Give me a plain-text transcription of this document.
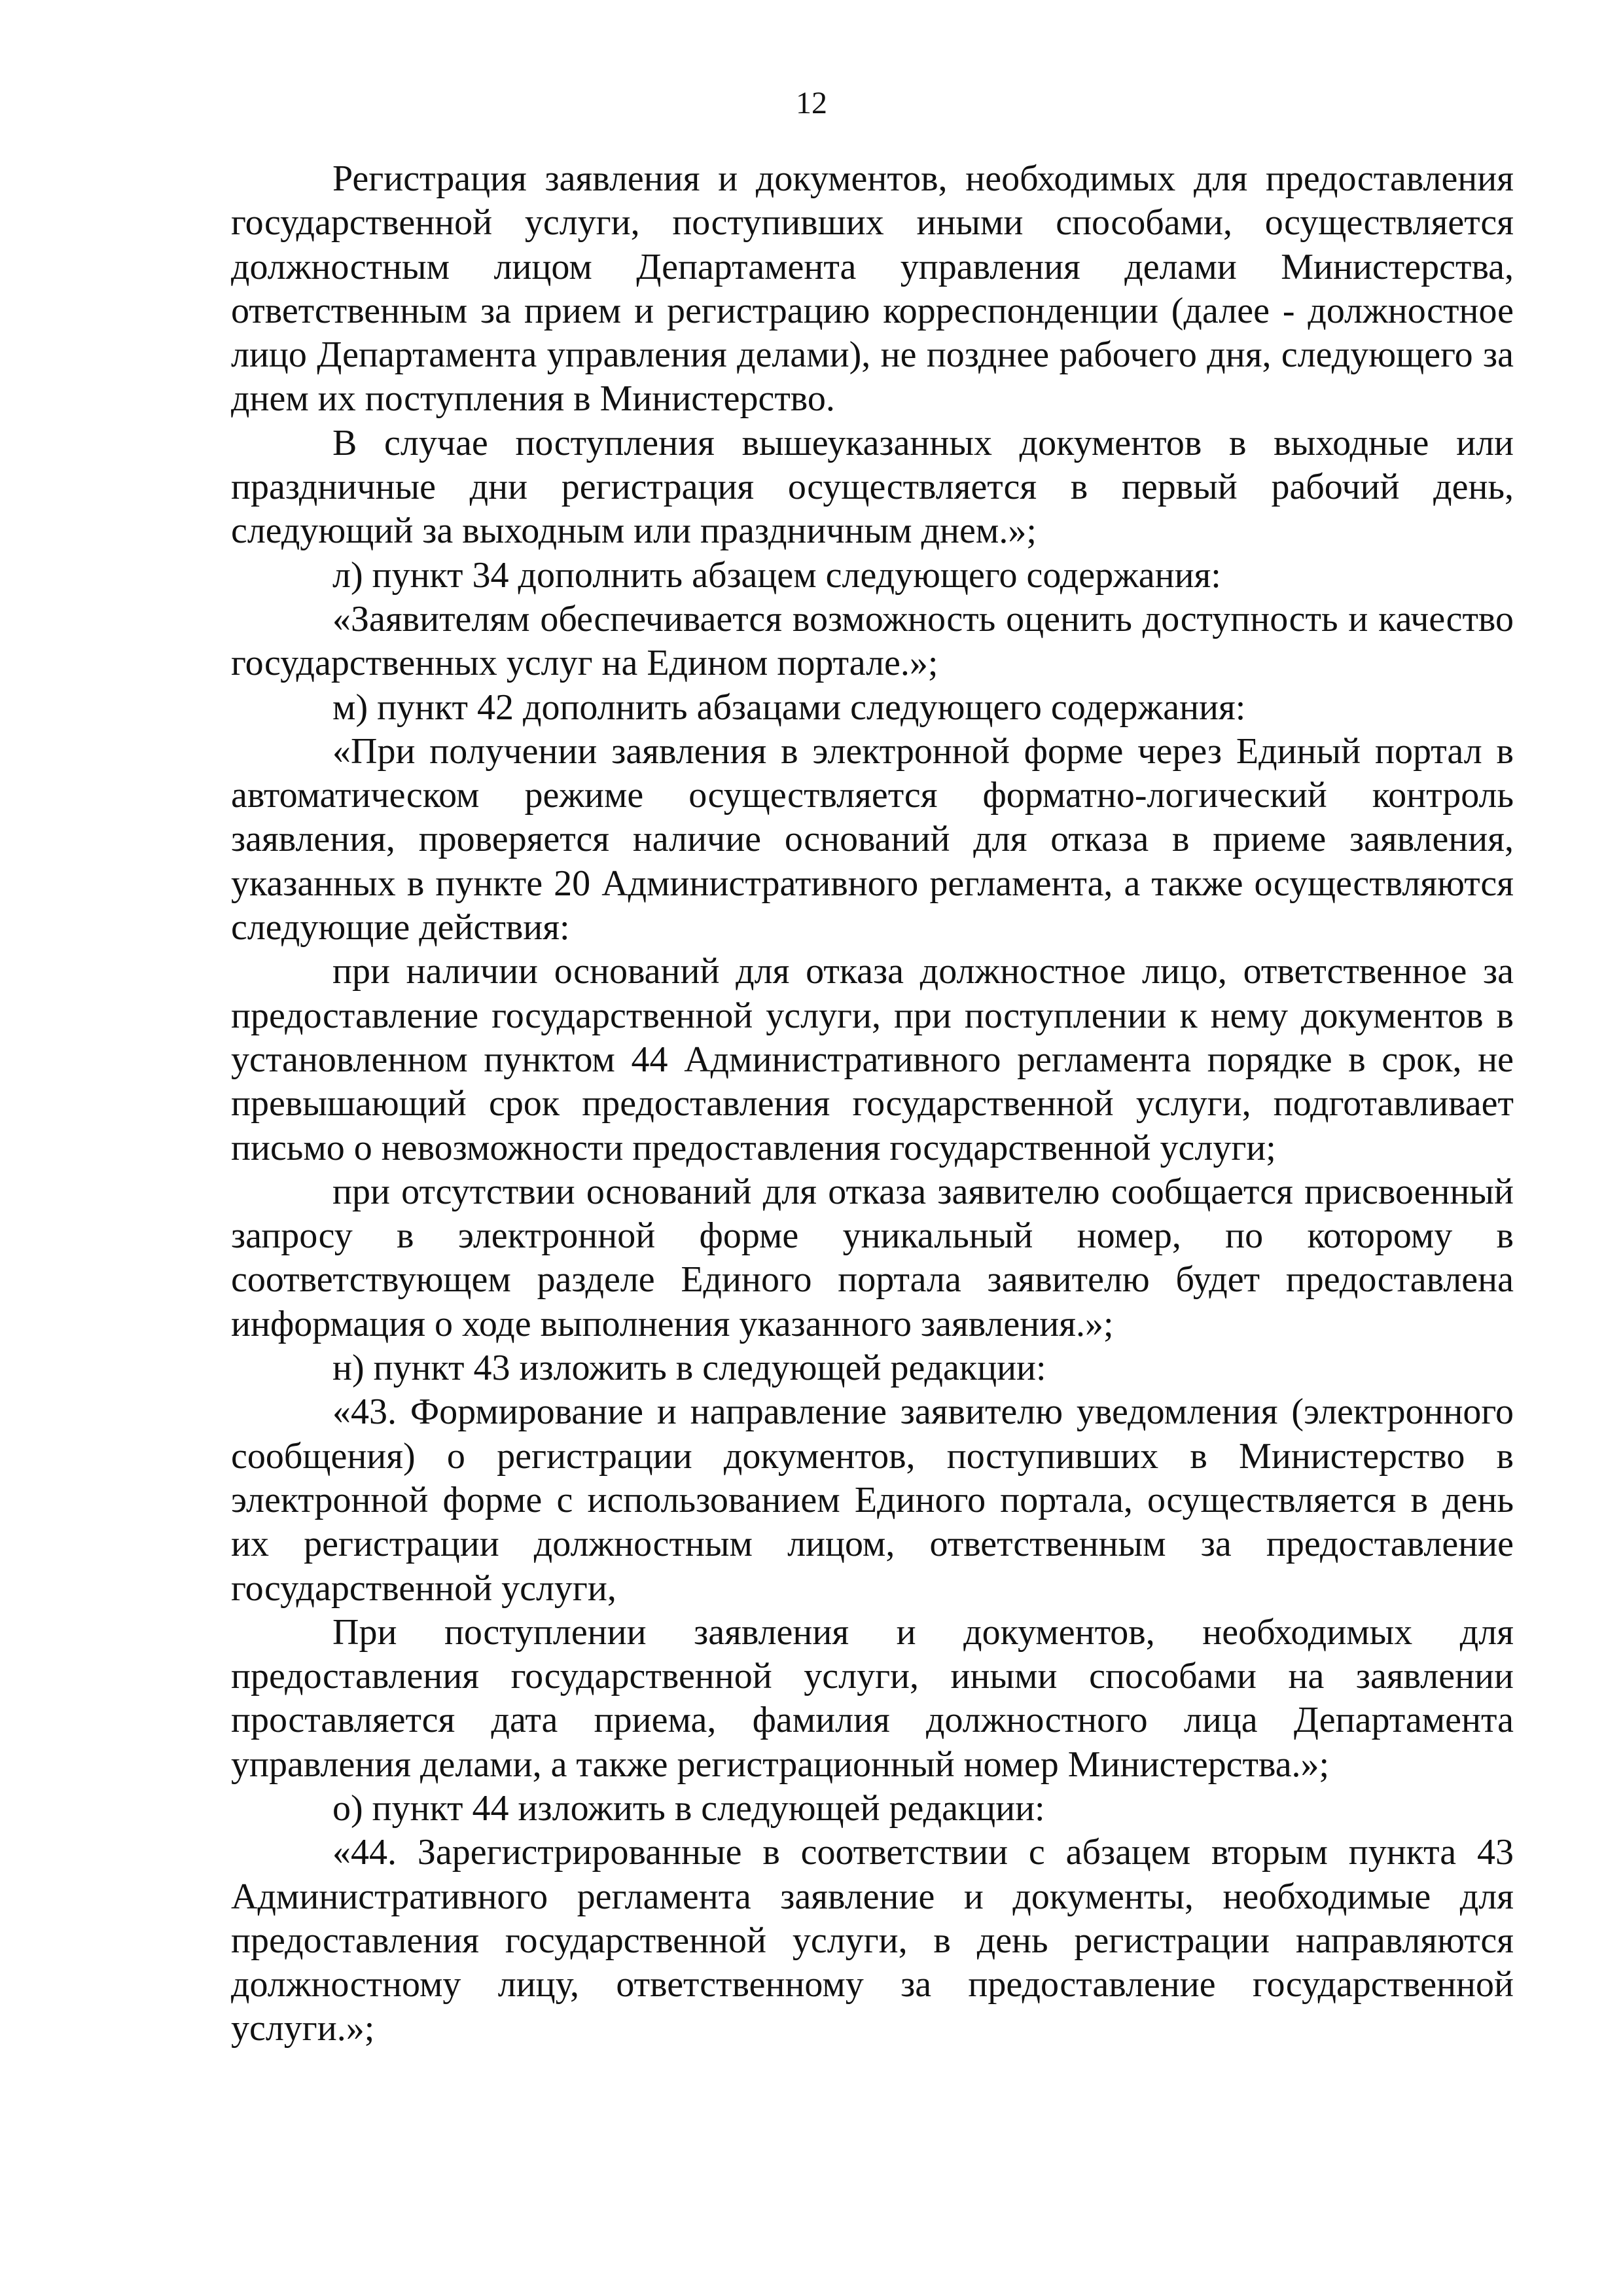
12

Регистрация заявления и документов, необходимых для предоставления государственной услуги, поступивших иными способами, осуществляется должностным лицом Департамента управления делами Министерства, ответственным за прием и регистрацию корреспонденции (далее - должностное лицо Департамента управления делами), не позднее рабочего дня, следующего за днем их поступления в Министерство.

В случае поступления вышеуказанных документов в выходные или праздничные дни регистрация осуществляется в первый рабочий день, следующий за выходным или праздничным днем.»;

л) пункт 34 дополнить абзацем следующего содержания:

«Заявителям обеспечивается возможность оценить доступность и качество государственных услуг на Едином портале.»;

м) пункт 42 дополнить абзацами следующего содержания:

«При получении заявления в электронной форме через Единый портал в автоматическом режиме осуществляется форматно-логический контроль заявления, проверяется наличие оснований для отказа в приеме заявления, указанных в пункте 20 Административного регламента, а также осуществляются следующие действия:

при наличии оснований для отказа должностное лицо, ответственное за предоставление государственной услуги, при поступлении к нему документов в установленном пунктом 44 Административного регламента порядке в срок, не превышающий срок предоставления государственной услуги, подготавливает письмо о невозможности предоставления государственной услуги;

при отсутствии оснований для отказа заявителю сообщается присвоенный запросу в электронной форме уникальный номер, по которому в соответствующем разделе Единого портала заявителю будет предоставлена информация о ходе выполнения указанного заявления.»;

н) пункт 43 изложить в следующей редакции:

«43. Формирование и направление заявителю уведомления (электронного сообщения) о регистрации документов, поступивших в Министерство в электронной форме с использованием Единого портала, осуществляется в день их регистрации должностным лицом, ответственным за предоставление государственной услуги,

При поступлении заявления и документов, необходимых для предоставления государственной услуги, иными способами на заявлении проставляется дата приема, фамилия должностного лица Департамента управления делами, а также регистрационный номер Министерства.»;

о) пункт 44 изложить в следующей редакции:

«44. Зарегистрированные в соответствии с абзацем вторым пункта 43 Административного регламента заявление и документы, необходимые для предоставления государственной услуги, в день регистрации направляются должностному лицу, ответственному за предоставление государственной услуги.»;
